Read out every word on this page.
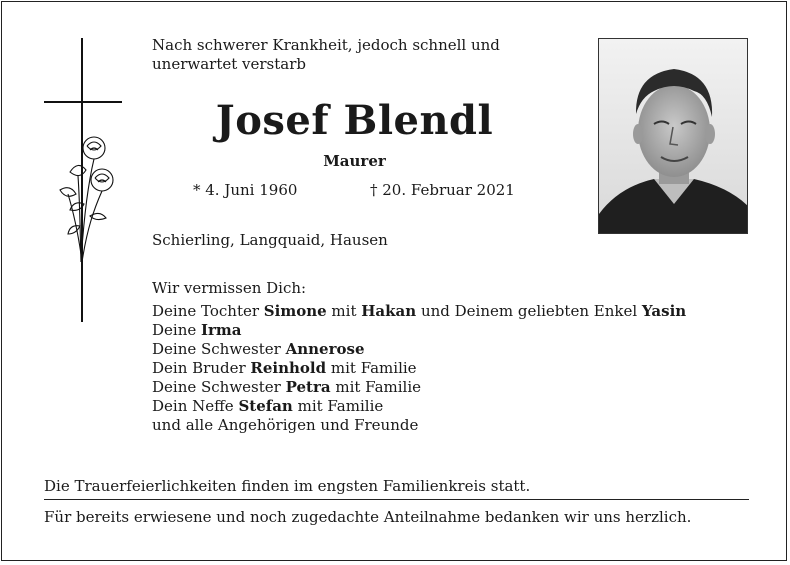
Nach schwerer Krankheit, jedoch schnell und
unerwartet verstarb
Josef Blendl
Maurer
* 4. Juni 1960	† 20. Februar 2021
Schierling, Langquaid, Hausen
Wir vermissen Dich:
Deine Tochter Simone mit Hakan und Deinem geliebten Enkel Yasin
Deine Irma
Deine Schwester Annerose
Dein Bruder Reinhold mit Familie
Deine Schwester Petra mit Familie
Dein Neffe Stefan mit Familie
und alle Angehörigen und Freunde
Die Trauerfeierlichkeiten finden im engsten Familienkreis statt.
Für bereits erwiesene und noch zugedachte Anteilnahme bedanken wir uns herzlich.
